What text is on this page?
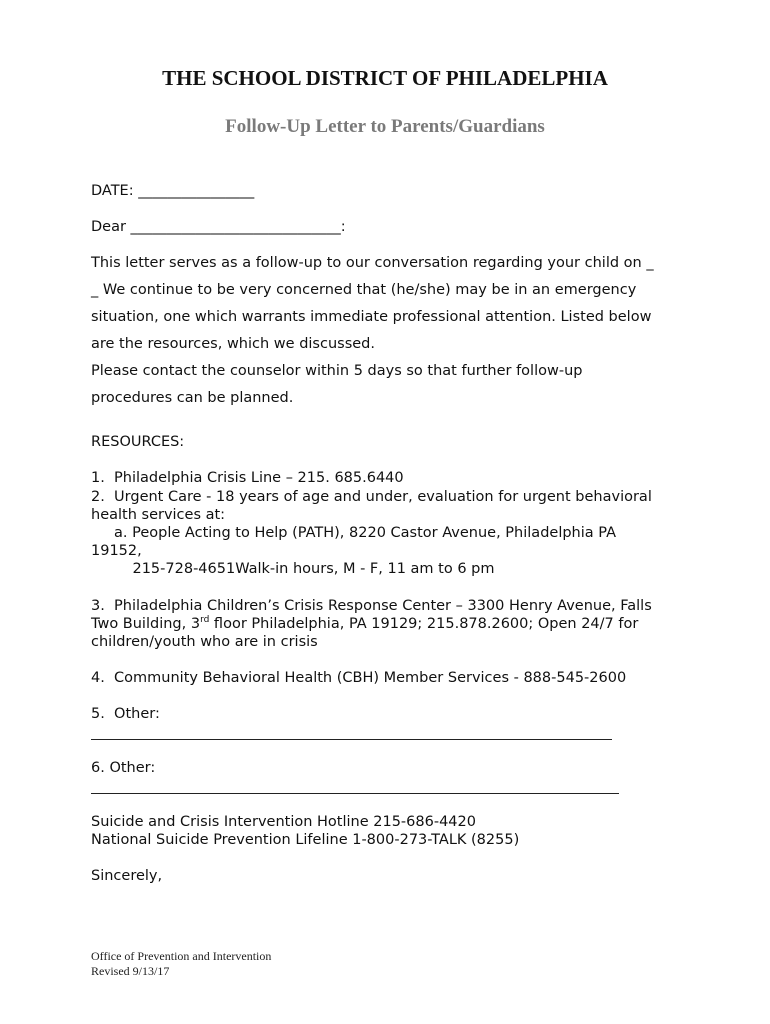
THE SCHOOL DISTRICT OF PHILADELPHIA
Follow-Up Letter to Parents/Guardians
DATE: ________________
Dear _____________________________:
This letter serves as a follow-up to our conversation regarding your child on _
_ We continue to be very concerned that (he/she) may be in an emergency
situation, one which warrants immediate professional attention. Listed below
are the resources, which we discussed.
Please contact the counselor within 5 days so that further follow-up
procedures can be planned.
RESOURCES:
1.  Philadelphia Crisis Line – 215. 685.6440
2.  Urgent Care - 18 years of age and under, evaluation for urgent behavioral
health services at:
a. People Acting to Help (PATH), 8220 Castor Avenue, Philadelphia PA
19152,
215-728-4651Walk-in hours, M - F, 11 am to 6 pm
3.  Philadelphia Children’s Crisis Response Center – 3300 Henry Avenue, Falls
Two Building, 3rd floor Philadelphia, PA 19129; 215.878.2600; Open 24/7 for
children/youth who are in crisis
4.  Community Behavioral Health (CBH) Member Services - 888-545-2600
5.  Other:
6. Other:
Suicide and Crisis Intervention Hotline 215-686-4420
National Suicide Prevention Lifeline 1-800-273-TALK (8255)
Sincerely,
Office of Prevention and Intervention
Revised 9/13/17
